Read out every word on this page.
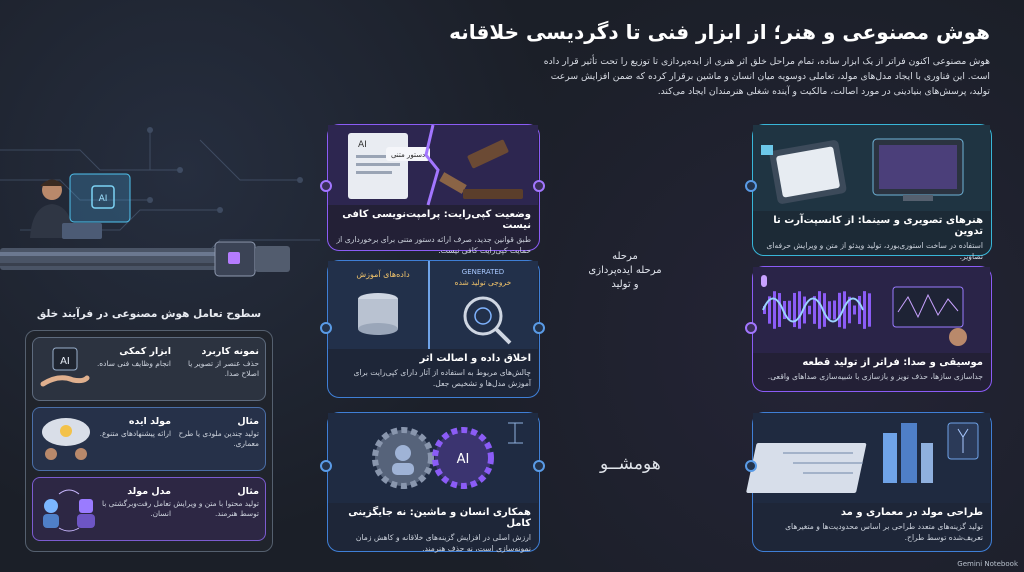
هوش مصنوعی و هنر؛ از ابزار فنی تا دگردیسی خلاقانه
هوش مصنوعی اکنون فراتر از یک ابزار ساده، تمام مراحل خلق اثر هنری از ایده‌پردازی تا توزیع را تحت تأثیر قرار داده است. این فناوری با ایجاد مدل‌های مولد، تعاملی دوسویه میان انسان و ماشین برقرار کرده که ضمن افزایش سرعت تولید، پرسش‌های بنیادینی در مورد اصالت، مالکیت و آینده شغلی هنرمندان ایجاد می‌کند.
AI
سطوح تعامل هوش مصنوعی در فرآیند خلق
نمونه کاربرد
حذف عنصر از تصویر یا اصلاح صدا.
ابزار کمکی
انجام وظایف فنی ساده.
AI
مثال
تولید چندین ملودی یا طرح معماری.
مولد ایده
ارائه پیشنهادهای متنوع.
مثال
تولید محتوا با متن و ویرایش توسط هنرمند.
مدل مولد
تعامل رفت‌وبرگشتی با انسان.
AI
دستور متنی
وضعیت کپی‌رایت: پرامپت‌نویسی کافی نیست

طبق قوانین جدید، صرف ارائه دستور متنی برای برخورداری از حمایت کپی‌رایت کافی نیست.

داده‌های آموزش	GENERATED
خروجی تولید شده
اخلاق داده و اصالت اثر

چالش‌های مربوط به استفاده از آثار دارای کپی‌رایت برای آموزش مدل‌ها و تشخیص جعل.

AI
همکاری انسان و ماشین: نه جایگزینی کامل

ارزش اصلی در افزایش گزینه‌های خلاقانه و کاهش زمان نمونه‌سازی است، نه حذف هنرمند.

مرحله
مرحله ایده‌پردازی و تولید
ھومشــو
هنرهای تصویری و سینما: از کانسپت‌آرت تا تدوین

استفاده در ساخت استوری‌بورد، تولید ویدئو از متن و ویرایش حرفه‌ای تصاویر.

موسیقی و صدا: فراتر از تولید قطعه

جداسازی سازها، حذف نویز و بازسازی با شبیه‌سازی صداهای واقعی.

طراحی مولد در معماری و مد

تولید گزینه‌های متعدد طراحی بر اساس محدودیت‌ها و متغیرهای تعریف‌شده توسط طراح.

Gemini Notebook
